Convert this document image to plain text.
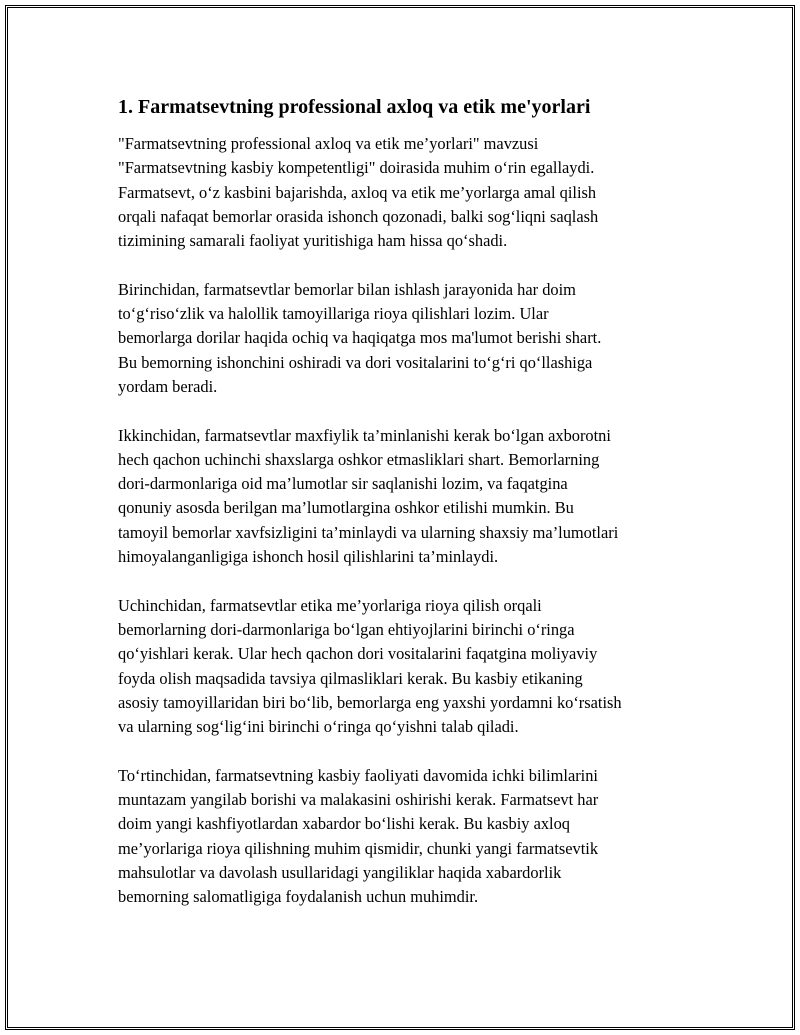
1. Farmatsevtning professional axloq va etik me'yorlari

"Farmatsevtning professional axloq va etik me’yorlari" mavzusi
"Farmatsevtning kasbiy kompetentligi" doirasida muhim o‘rin egallaydi.
Farmatsevt, o‘z kasbini bajarishda, axloq va etik me’yorlarga amal qilish
orqali nafaqat bemorlar orasida ishonch qozonadi, balki sog‘liqni saqlash
tizimining samarali faoliyat yuritishiga ham hissa qo‘shadi.

Birinchidan, farmatsevtlar bemorlar bilan ishlash jarayonida har doim
to‘g‘riso‘zlik va halollik tamoyillariga rioya qilishlari lozim. Ular
bemorlarga dorilar haqida ochiq va haqiqatga mos ma'lumot berishi shart.
Bu bemorning ishonchini oshiradi va dori vositalarini to‘g‘ri qo‘llashiga
yordam beradi.

Ikkinchidan, farmatsevtlar maxfiylik ta’minlanishi kerak bo‘lgan axborotni
hech qachon uchinchi shaxslarga oshkor etmasliklari shart. Bemorlarning
dori-darmonlariga oid ma’lumotlar sir saqlanishi lozim, va faqatgina
qonuniy asosda berilgan ma’lumotlargina oshkor etilishi mumkin. Bu
tamoyil bemorlar xavfsizligini ta’minlaydi va ularning shaxsiy ma’lumotlari
himoyalanganligiga ishonch hosil qilishlarini ta’minlaydi.

Uchinchidan, farmatsevtlar etika me’yorlariga rioya qilish orqali
bemorlarning dori-darmonlariga bo‘lgan ehtiyojlarini birinchi o‘ringa
qo‘yishlari kerak. Ular hech qachon dori vositalarini faqatgina moliyaviy
foyda olish maqsadida tavsiya qilmasliklari kerak. Bu kasbiy etikaning
asosiy tamoyillaridan biri bo‘lib, bemorlarga eng yaxshi yordamni ko‘rsatish
va ularning sog‘lig‘ini birinchi o‘ringa qo‘yishni talab qiladi.

To‘rtinchidan, farmatsevtning kasbiy faoliyati davomida ichki bilimlarini
muntazam yangilab borishi va malakasini oshirishi kerak. Farmatsevt har
doim yangi kashfiyotlardan xabardor bo‘lishi kerak. Bu kasbiy axloq
me’yorlariga rioya qilishning muhim qismidir, chunki yangi farmatsevtik
mahsulotlar va davolash usullaridagi yangiliklar haqida xabardorlik
bemorning salomatligiga foydalanish uchun muhimdir.
